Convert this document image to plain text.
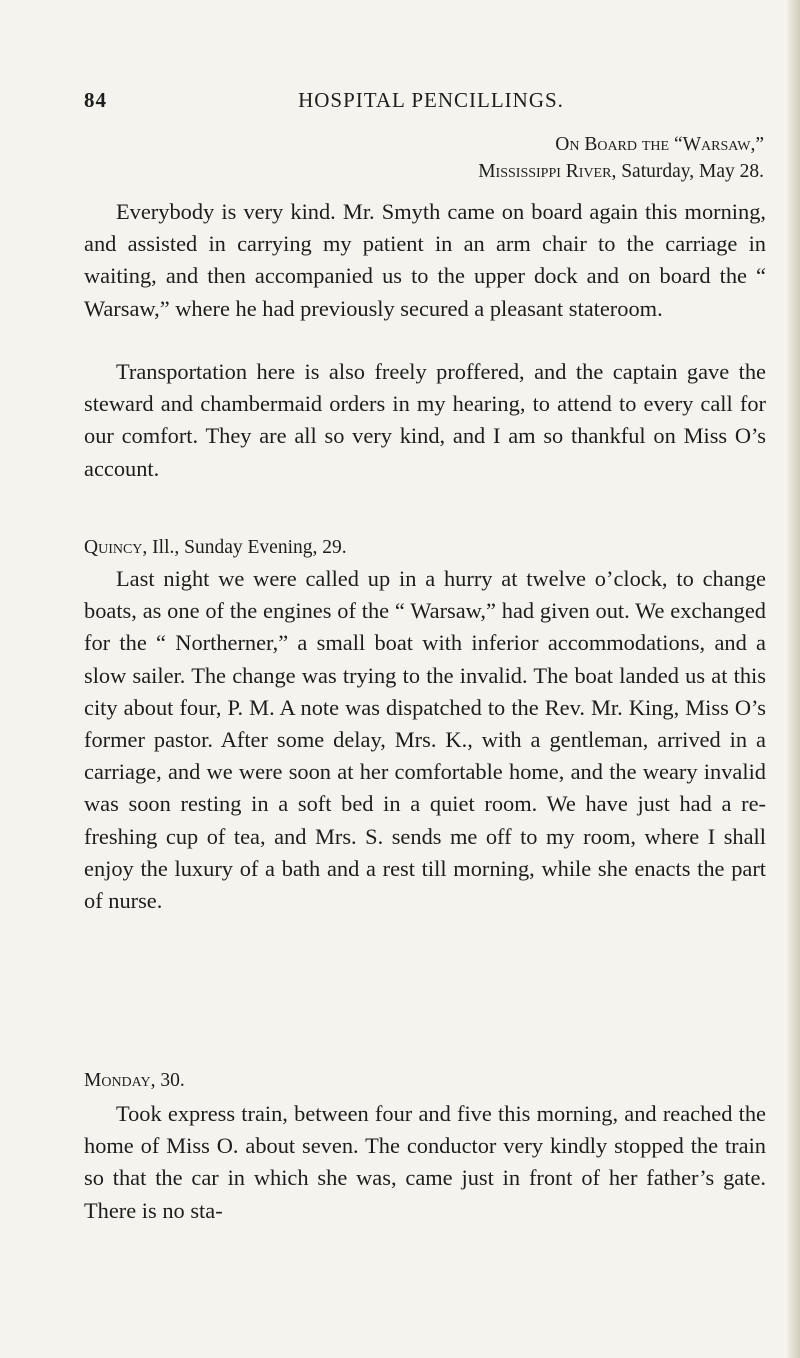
84	HOSPITAL PENCILLINGS.
On Board the “Warsaw,”
Mississippi River, Saturday, May 28.

Everybody is very kind. Mr. Smyth came on board again this morning, and assisted in carrying my patient in an arm chair to the carriage in waiting, and then accompanied us to the upper dock and on board the “ Warsaw,” where he had previously secured a pleasant stateroom.

Transportation here is also freely proffered, and the captain gave the steward and chambermaid orders in my hearing, to attend to every call for our comfort. They are all so very kind, and I am so thankful on Miss O’s account.

Quincy, Ill., Sunday Evening, 29.

Last night we were called up in a hurry at twelve o’clock, to change boats, as one of the engines of the “ Warsaw,” had given out. We exchanged for the “ Northerner,” a small boat with inferior accommodations, and a slow sailer. The change was trying to the invalid. The boat landed us at this city about four, P. M. A note was dispatched to the Rev. Mr. King, Miss O’s former pastor. After some delay, Mrs. K., with a gentleman, arrived in a carriage, and we were soon at her comfortable home, and the weary invalid was soon resting in a soft bed in a quiet room. We have just had a refreshing cup of tea, and Mrs. S. sends me off to my room, where I shall enjoy the luxury of a bath and a rest till morning, while she enacts the part of nurse.

Monday, 30.

Took express train, between four and five this morning, and reached the home of Miss O. about seven. The conductor very kindly stopped the train so that the car in which she was, came just in front of her father’s gate. There is no sta-
